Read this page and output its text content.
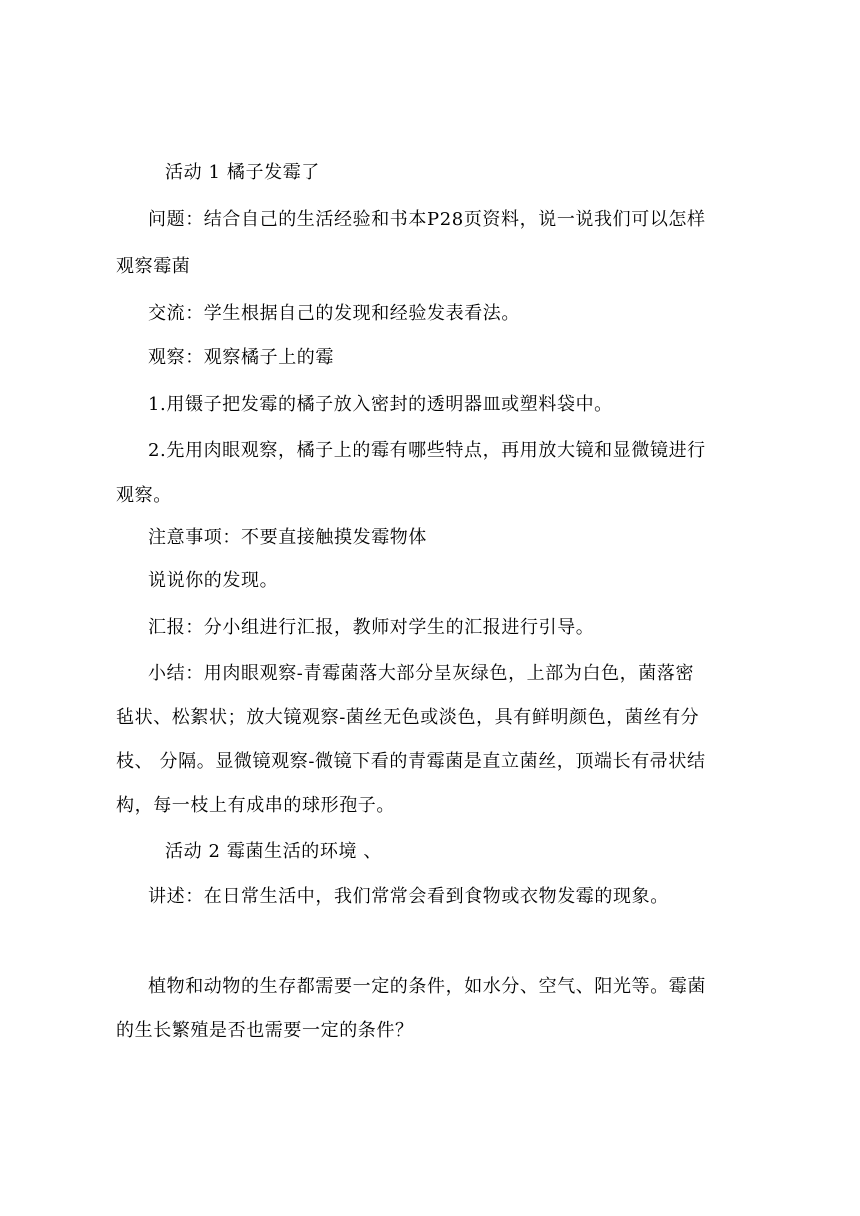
活动 1 橘子发霉了
问题：结合自己的生活经验和书本P28页资料，说一说我们可以怎样
观察霉菌
交流：学生根据自己的发现和经验发表看法。
观察：观察橘子上的霉
1.用镊子把发霉的橘子放入密封的透明器皿或塑料袋中。
2.先用肉眼观察，橘子上的霉有哪些特点，再用放大镜和显微镜进行
观察。
注意事项：不要直接触摸发霉物体
说说你的发现。
汇报：分小组进行汇报，教师对学生的汇报进行引导。
小结：用肉眼观察-青霉菌落大部分呈灰绿色，上部为白色，菌落密
毡状、松絮状；放大镜观察-菌丝无色或淡色，具有鲜明颜色，菌丝有分
枝、 分隔。显微镜观察-微镜下看的青霉菌是直立菌丝，顶端长有帚状结
构，每一枝上有成串的球形孢子。
活动 2 霉菌生活的环境 、
讲述：在日常生活中，我们常常会看到食物或衣物发霉的现象。
植物和动物的生存都需要一定的条件，如水分、空气、阳光等。霉菌
的生长繁殖是否也需要一定的条件？
